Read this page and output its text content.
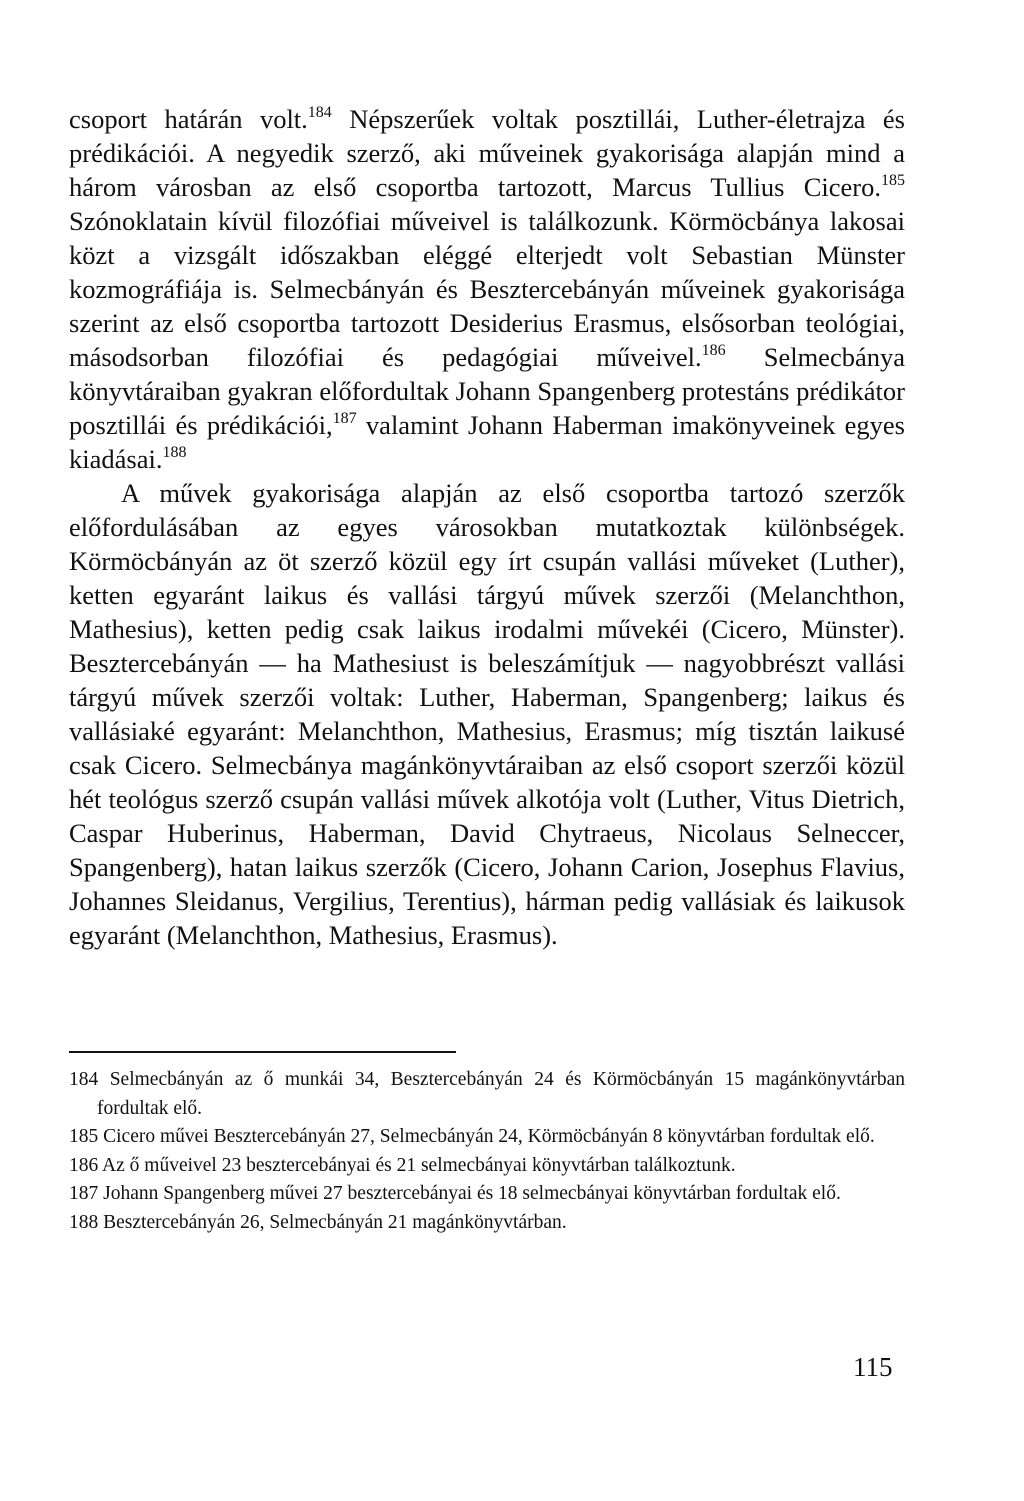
csoport határán volt.$^{184}$ Népszerűek voltak posztillái, Luther-életrajza és prédikációi. A negyedik szerző, aki műveinek gyakorisága alapján mind a három városban az első csoportba tartozott, Marcus Tullius Cicero.$^{185}$ Szónoklatain kívül filozófiai műveivel is találkozunk. Körmöcbánya lakosai közt a vizsgált időszakban eléggé elterjedt volt Sebastian Münster kozmográfiája is. Selmecbányán és Besztercebányán műveinek gyakorisága szerint az első csoportba tartozott Desiderius Erasmus, elsősorban teológiai, másodsorban filozófiai és pedagógiai műveivel.$^{186}$ Selmecbánya könyvtáraiban gyakran előfordultak Johann Spangenberg protestáns prédikátor posztillái és prédikációi,$^{187}$ valamint Johann Haberman imakönyveinek egyes kiadásai.$^{188}$

A művek gyakorisága alapján az első csoportba tartozó szerzők előfordulásában az egyes városokban mutatkoztak különbségek. Körmöcbányán az öt szerző közül egy írt csupán vallási műveket (Luther), ketten egyaránt laikus és vallási tárgyú művek szerzői (Melanchthon, Mathesius), ketten pedig csak laikus irodalmi művekéi (Cicero, Münster). Besztercebányán — ha Mathesiust is beleszámítjuk — nagyobbrészt vallási tárgyú művek szerzői voltak: Luther, Haberman, Spangenberg; laikus és vallásiaké egyaránt: Melanchthon, Mathesius, Erasmus; míg tisztán laikusé csak Cicero. Selmecbánya magánkönyvtáraiban az első csoport szerzői közül hét teológus szerző csupán vallási művek alkotója volt (Luther, Vitus Dietrich, Caspar Huberinus, Haberman, David Chytraeus, Nicolaus Selneccer, Spangenberg), hatan laikus szerzők (Cicero, Johann Carion, Josephus Flavius, Johannes Sleidanus, Vergilius, Terentius), hárman pedig vallásiak és laikusok egyaránt (Melanchthon, Mathesius, Erasmus).

184 Selmecbányán az ő munkái 34, Besztercebányán 24 és Körmöcbányán 15 magánkönyvtárban fordultak elő.

185 Cicero művei Besztercebányán 27, Selmecbányán 24, Körmöcbányán 8 könyvtárban fordultak elő.

186 Az ő műveivel 23 besztercebányai és 21 selmecbányai könyvtárban találkoztunk.

187 Johann Spangenberg művei 27 besztercebányai és 18 selmecbányai könyvtárban fordultak elő.

188 Besztercebányán 26, Selmecbányán 21 magánkönyvtárban.

115
